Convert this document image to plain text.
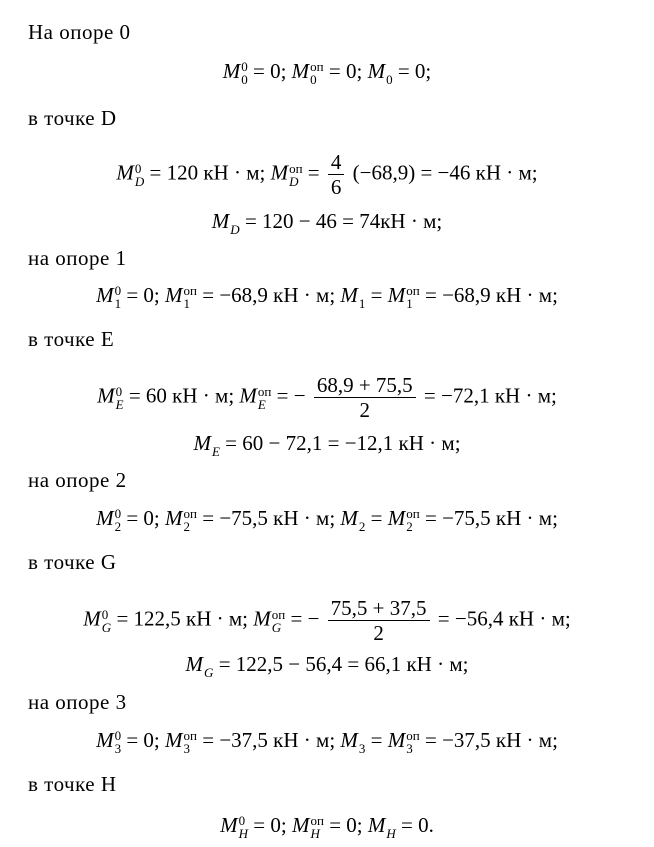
На опоре 0
в точке D
на опоре 1
в точке E
на опоре 2
в точке G
на опоре 3
в точке H
M 0
0 = 0; M оп
0 = 0; M
0 = 0;
M 0
D = 120 кН · м; M оп
$D = \frac{4}{6} (-68,9) = -46$ кН · м;
M
D = 120 − 46 = 74кН · м;
M 0
1 = 0; M оп
1 = −68,9 кН · м; M
1 = M оп
1 = −68,9 кН · м;
M 0
E = 60 кН · м; M оп
E = − $\frac{68,9 + 75,5}{2} = -72,1$ кН · м;
M
E = 60 − 72,1 = −12,1 кН · м;
M 0
2 = 0; M оп
2 = −75,5 кН · м; M
2 = M оп
2 = −75,5 кН · м;
M 0
G = 122,5 кН · м; M оп
G = − $\frac{75,5 + 37,5}{2} = -56,4$ кН · м;
M
G = 122,5 − 56,4 = 66,1 кН · м;
M 0
3 = 0; M оп
3 = −37,5 кН · м; M
3 = M оп
3 = −37,5 кН · м;
M 0
H = 0; M оп
H = 0; M
H = 0.
